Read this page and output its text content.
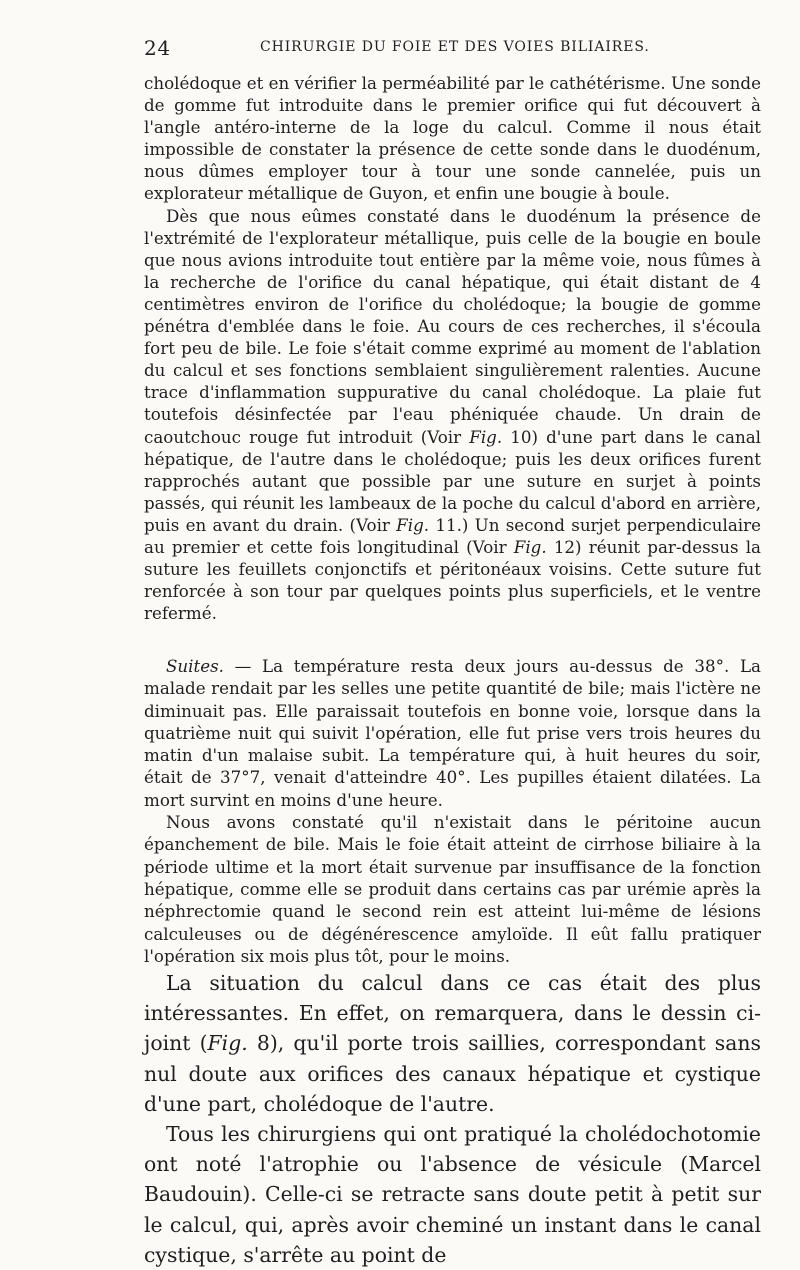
24	CHIRURGIE DU FOIE ET DES VOIES BILIAIRES.

cholédoque et en vérifier la perméabilité par le cathétérisme. Une sonde de gomme fut introduite dans le premier orifice qui fut découvert à l'angle antéro-interne de la loge du calcul. Comme il nous était impossible de constater la présence de cette sonde dans le duodénum, nous dûmes employer tour à tour une sonde cannelée, puis un explorateur métallique de Guyon, et enfin une bougie à boule.

Dès que nous eûmes constaté dans le duodénum la présence de l'extrémité de l'explorateur métallique, puis celle de la bougie en boule que nous avions introduite tout entière par la même voie, nous fûmes à la recherche de l'orifice du canal hépatique, qui était distant de 4 centimètres environ de l'orifice du cholédoque; la bougie de gomme pénétra d'emblée dans le foie. Au cours de ces recherches, il s'écoula fort peu de bile. Le foie s'était comme exprimé au moment de l'ablation du calcul et ses fonctions semblaient singulièrement ralenties. Aucune trace d'inflammation suppurative du canal cholédoque. La plaie fut toutefois désinfectée par l'eau phéniquée chaude. Un drain de caoutchouc rouge fut introduit (Voir Fig. 10) d'une part dans le canal hépatique, de l'autre dans le cholédoque; puis les deux orifices furent rapprochés autant que possible par une suture en surjet à points passés, qui réunit les lambeaux de la poche du calcul d'abord en arrière, puis en avant du drain. (Voir Fig. 11.) Un second surjet perpendiculaire au premier et cette fois longitudinal (Voir Fig. 12) réunit par-dessus la suture les feuillets conjonctifs et péritonéaux voisins. Cette suture fut renforcée à son tour par quelques points plus superficiels, et le ventre refermé.

Suites. — La température resta deux jours au-dessus de 38°. La malade rendait par les selles une petite quantité de bile; mais l'ictère ne diminuait pas. Elle paraissait toutefois en bonne voie, lorsque dans la quatrième nuit qui suivit l'opération, elle fut prise vers trois heures du matin d'un malaise subit. La température qui, à huit heures du soir, était de 37°7, venait d'atteindre 40°. Les pupilles étaient dilatées. La mort survint en moins d'une heure.

Nous avons constaté qu'il n'existait dans le péritoine aucun épanchement de bile. Mais le foie était atteint de cirrhose biliaire à la période ultime et la mort était survenue par insuffisance de la fonction hépatique, comme elle se produit dans certains cas par urémie après la néphrectomie quand le second rein est atteint lui-même de lésions calculeuses ou de dégénérescence amyloïde. Il eût fallu pratiquer l'opération six mois plus tôt, pour le moins.

La situation du calcul dans ce cas était des plus intéressantes. En effet, on remarquera, dans le dessin ci-joint (Fig. 8), qu'il porte trois saillies, correspondant sans nul doute aux orifices des canaux hépatique et cystique d'une part, cholédoque de l'autre.

Tous les chirurgiens qui ont pratiqué la cholédochotomie ont noté l'atrophie ou l'absence de vésicule (Marcel Baudouin). Celle-ci se retracte sans doute petit à petit sur le calcul, qui, après avoir cheminé un instant dans le canal cystique, s'arrête au point de
